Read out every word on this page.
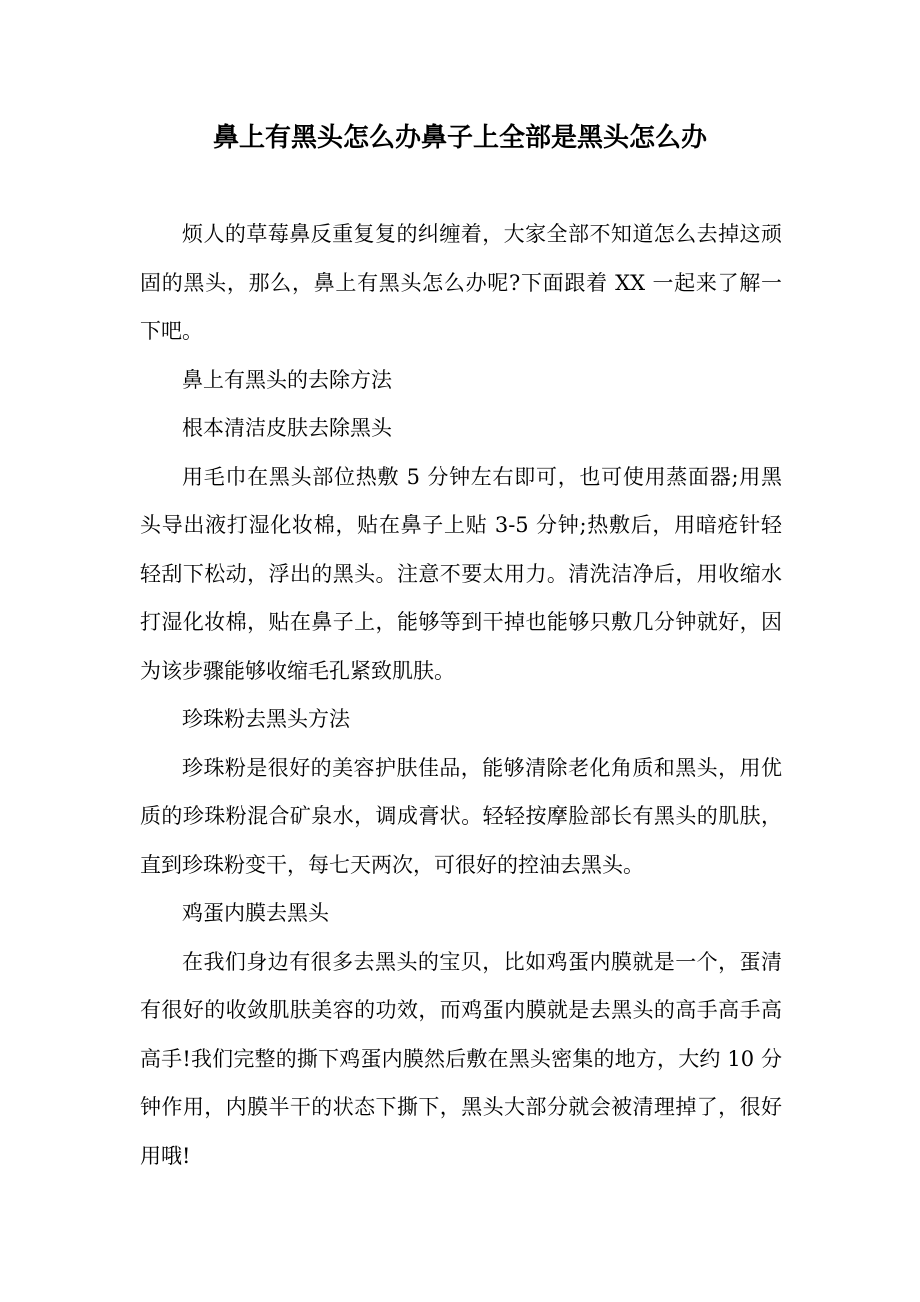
鼻上有黑头怎么办鼻子上全部是黑头怎么办

烦人的草莓鼻反重复复的纠缠着，大家全部不知道怎么去掉这顽固的黑头，那么，鼻上有黑头怎么办呢?下面跟着 XX 一起来了解一下吧。

鼻上有黑头的去除方法

根本清洁皮肤去除黑头

用毛巾在黑头部位热敷 5 分钟左右即可，也可使用蒸面器;用黑头导出液打湿化妆棉，贴在鼻子上贴 3-5 分钟;热敷后，用暗疮针轻轻刮下松动，浮出的黑头。注意不要太用力。清洗洁净后，用收缩水打湿化妆棉，贴在鼻子上，能够等到干掉也能够只敷几分钟就好，因为该步骤能够收缩毛孔紧致肌肤。

珍珠粉去黑头方法

珍珠粉是很好的美容护肤佳品，能够清除老化角质和黑头，用优质的珍珠粉混合矿泉水，调成膏状。轻轻按摩脸部长有黑头的肌肤，直到珍珠粉变干，每七天两次，可很好的控油去黑头。

鸡蛋内膜去黑头

在我们身边有很多去黑头的宝贝，比如鸡蛋内膜就是一个，蛋清有很好的收敛肌肤美容的功效，而鸡蛋内膜就是去黑头的高手高手高高手!我们完整的撕下鸡蛋内膜然后敷在黑头密集的地方，大约 10 分钟作用，内膜半干的状态下撕下，黑头大部分就会被清理掉了，很好用哦!
